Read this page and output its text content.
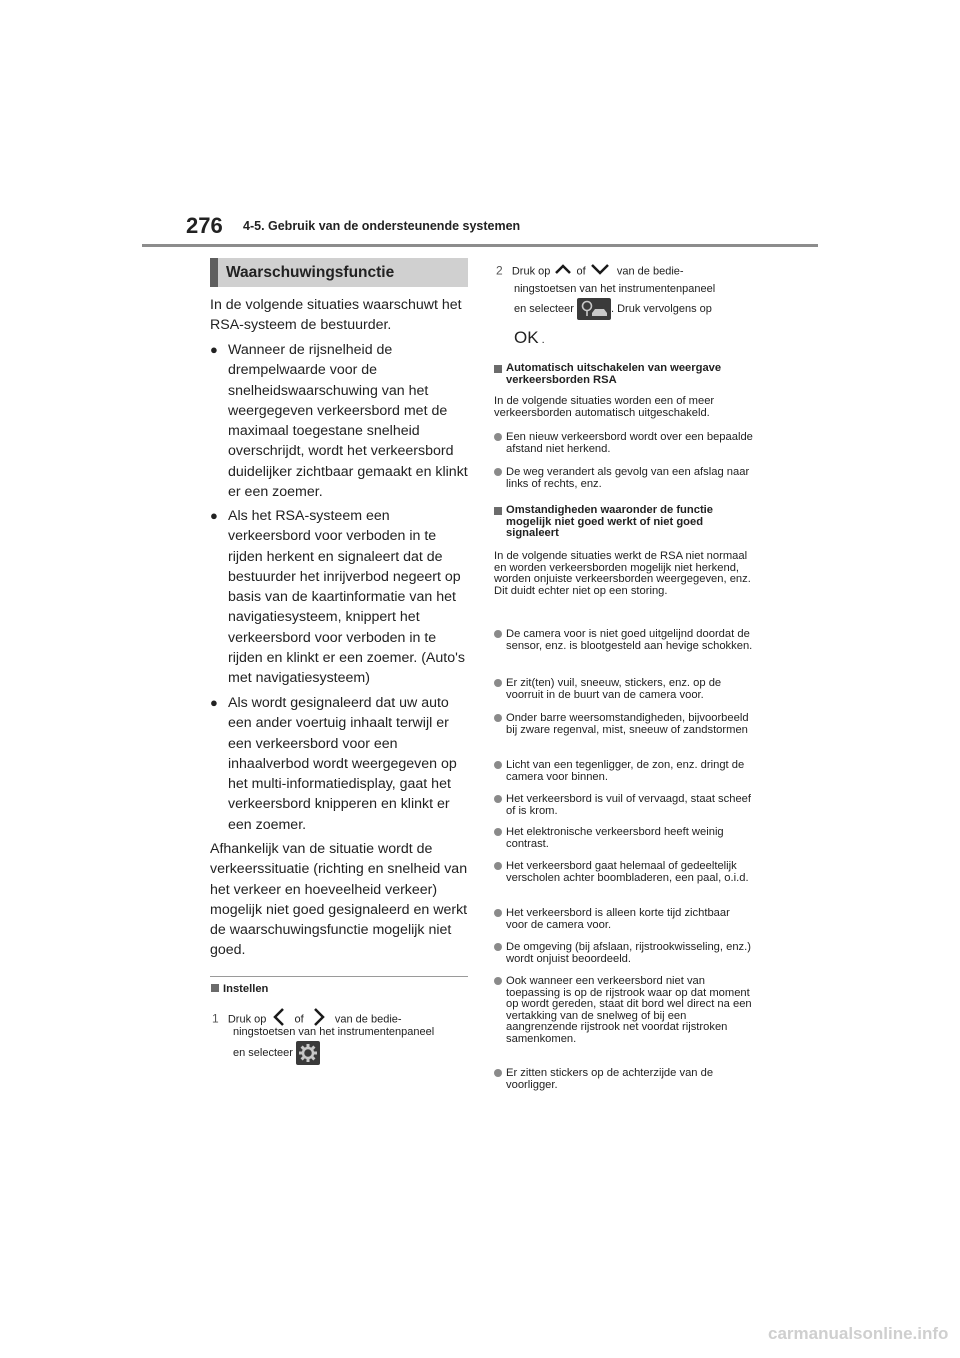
276 4-5. Gebruik van de ondersteunende systemen
Waarschuwingsfunctie
In de volgende situaties waarschuwt het RSA-systeem de bestuurder.
● Wanneer de rijsnelheid de drempelwaarde voor de snelheidswaarschuwing van het weergegeven verkeersbord met de maximaal toegestane snelheid overschrijdt, wordt het verkeersbord duidelijker zichtbaar gemaakt en klinkt er een zoemer.
● Als het RSA-systeem een verkeersbord voor verboden in te rijden herkent en signaleert dat de bestuurder het inrijverbod negeert op basis van de kaartinformatie van het navigatiesysteem, knippert het verkeersbord voor verboden in te rijden en klinkt er een zoemer. (Auto's met navigatiesysteem)
● Als wordt gesignaleerd dat uw auto een ander voertuig inhaalt terwijl er een verkeersbord voor een inhaalverbod wordt weergegeven op het multi-informatiedisplay, gaat het verkeersbord knipperen en klinkt er een zoemer.
Afhankelijk van de situatie wordt de verkeerssituatie (richting en snelheid van het verkeer en hoeveelheid verkeer) mogelijk niet goed gesignaleerd en werkt de waarschuwingsfunctie mogelijk niet goed.
Instellen
1 Druk op	of	van de bedie-
ningstoetsen van het instrumentenpaneel
en selecteer
2 Druk op of	van de bedie-
ningstoetsen van het instrumentenpaneel
en selecteer	. Druk vervolgens op
OK .
Automatisch uitschakelen van weergave verkeersborden RSA
In de volgende situaties worden een of meer verkeersborden automatisch uitgeschakeld.
Een nieuw verkeersbord wordt over een bepaalde afstand niet herkend.
De weg verandert als gevolg van een afslag naar links of rechts, enz.
Omstandigheden waaronder de functie mogelijk niet goed werkt of niet goed signaleert
In de volgende situaties werkt de RSA niet normaal en worden verkeersborden mogelijk niet herkend, worden onjuiste verkeersborden weergegeven, enz. Dit duidt echter niet op een storing.
De camera voor is niet goed uitgelijnd doordat de sensor, enz. is blootgesteld aan hevige schokken.
Er zit(ten) vuil, sneeuw, stickers, enz. op de voorruit in de buurt van de camera voor.
Onder barre weersomstandigheden, bijvoorbeeld bij zware regenval, mist, sneeuw of zandstormen
Licht van een tegenligger, de zon, enz. dringt de camera voor binnen.
Het verkeersbord is vuil of vervaagd, staat scheef of is krom.
Het elektronische verkeersbord heeft weinig contrast.
Het verkeersbord gaat helemaal of gedeeltelijk verscholen achter boombladeren, een paal, o.i.d.
Het verkeersbord is alleen korte tijd zichtbaar voor de camera voor.
De omgeving (bij afslaan, rijstrookwisseling, enz.) wordt onjuist beoordeeld.
Ook wanneer een verkeersbord niet van toepassing is op de rijstrook waar op dat moment op wordt gereden, staat dit bord wel direct na een vertakking van de snelweg of bij een aangrenzende rijstrook net voordat rijstroken samenkomen.
Er zitten stickers op de achterzijde van de voorligger.
carmanualsonline.info
